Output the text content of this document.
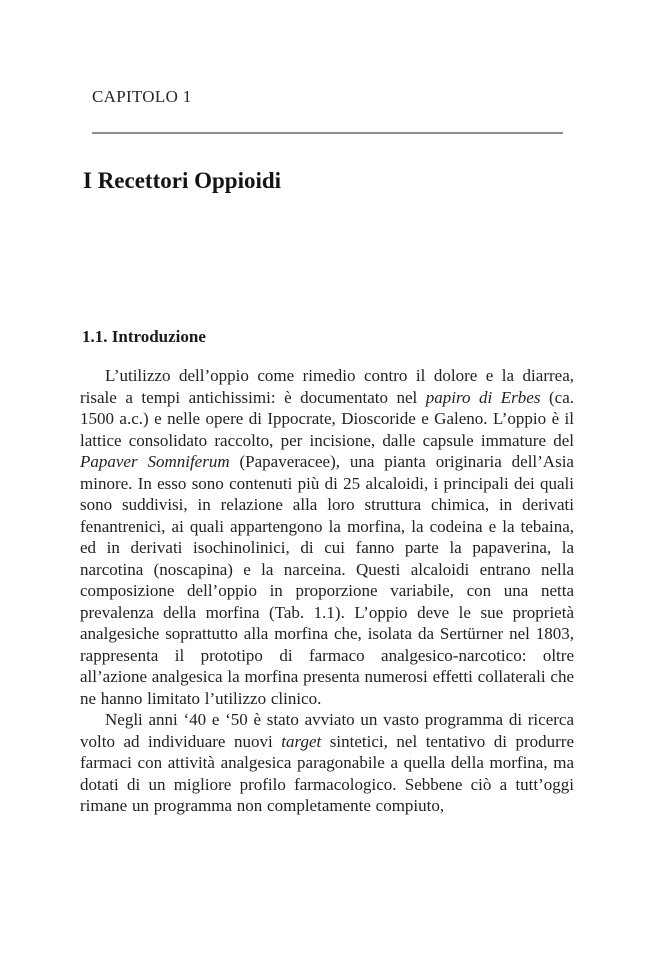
CAPITOLO 1
I Recettori Oppioidi
1.1. Introduzione

L’utilizzo dell’oppio come rimedio contro il dolore e la diarrea, risale a tempi antichissimi: è documentato nel papiro di Erbes (ca. 1500 a.c.) e nelle opere di Ippocrate, Dioscoride e Galeno. L’oppio è il lattice consolidato raccolto, per incisione, dalle capsule immature del Papaver Somniferum (Papaveracee), una pianta originaria dell’Asia minore. In esso sono contenuti più di 25 alcaloidi, i principali dei quali sono suddivisi, in relazione alla loro struttura chimica, in derivati fenantrenici, ai quali appartengono la morfina, la codeina e la tebaina, ed in derivati isochinolinici, di cui fanno parte la papaverina, la narcotina (noscapina) e la narceina. Questi alcaloidi entrano nella composizione dell’oppio in proporzione variabile, con una netta prevalenza della morfina (Tab. 1.1). L’oppio deve le sue proprietà analgesiche soprattutto alla morfina che, isolata da Sertürner nel 1803, rappresenta il prototipo di farmaco analgesico-narcotico: oltre all’azione analgesica la morfina presenta numerosi effetti collaterali che ne hanno limitato l’utilizzo clinico.

Negli anni ‘40 e ‘50 è stato avviato un vasto programma di ricerca volto ad individuare nuovi target sintetici, nel tentativo di produrre farmaci con attività analgesica paragonabile a quella della morfina, ma dotati di un migliore profilo farmacologico. Sebbene ciò a tutt’oggi rimane un programma non completamente compiuto,
